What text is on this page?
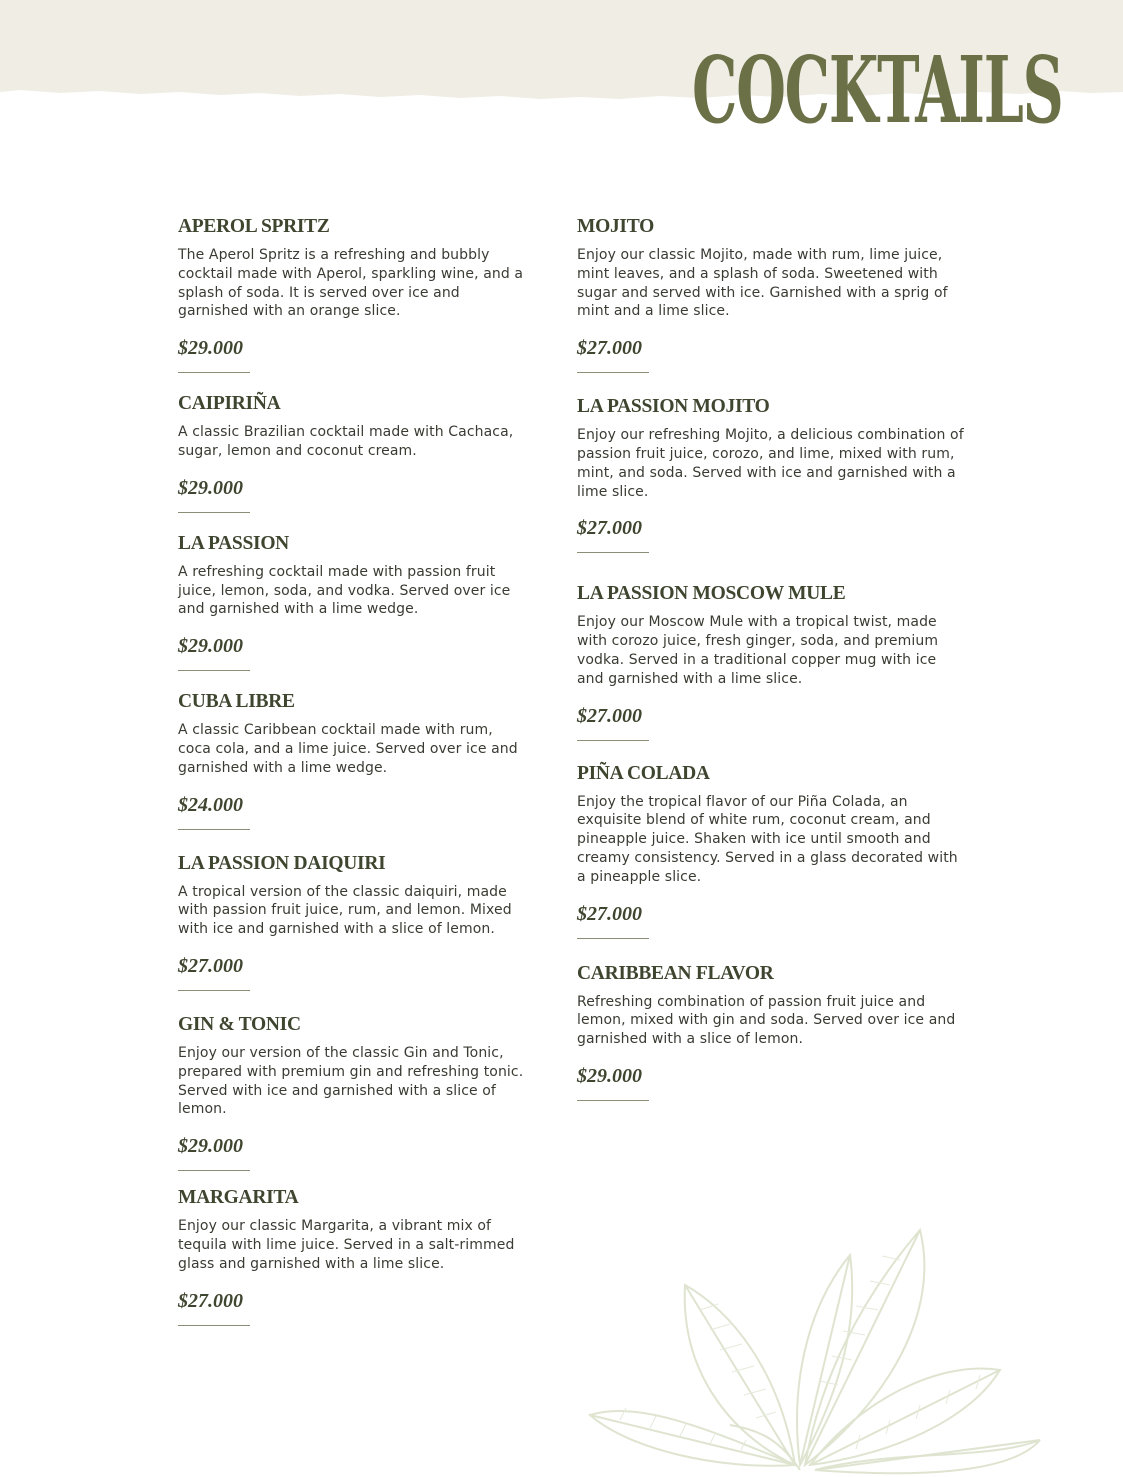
COCKTAILS
APEROL SPRITZ

The Aperol Spritz is a refreshing and bubbly cocktail made with Aperol, sparkling wine, and a splash of soda. It is served over ice and garnished with an orange slice.

$29.000
CAIPIRIÑA

A classic Brazilian cocktail made with Cachaca, sugar, lemon and coconut cream.

$29.000
LA PASSION

A refreshing cocktail made with passion fruit juice, lemon, soda, and vodka. Served over ice and garnished with a lime wedge.

$29.000
CUBA LIBRE

A classic Caribbean cocktail made with rum, coca cola, and a lime juice. Served over ice and garnished with a lime wedge.

$24.000
LA PASSION DAIQUIRI

A tropical version of the classic daiquiri, made with passion fruit juice, rum, and lemon. Mixed with ice and garnished with a slice of lemon.

$27.000
GIN & TONIC

Enjoy our version of the classic Gin and Tonic, prepared with premium gin and refreshing tonic. Served with ice and garnished with a slice of lemon.

$29.000
MARGARITA

Enjoy our classic Margarita, a vibrant mix of tequila with lime juice. Served in a salt-rimmed glass and garnished with a lime slice.

$27.000
MOJITO

Enjoy our classic Mojito, made with rum, lime juice, mint leaves, and a splash of soda. Sweetened with sugar and served with ice. Garnished with a sprig of mint and a lime slice.

$27.000
LA PASSION MOJITO

Enjoy our refreshing Mojito, a delicious combination of passion fruit juice, corozo, and lime, mixed with rum, mint, and soda. Served with ice and garnished with a lime slice.

$27.000
LA PASSION MOSCOW MULE

Enjoy our Moscow Mule with a tropical twist, made with corozo juice, fresh ginger, soda, and premium vodka. Served in a traditional copper mug with ice and garnished with a lime slice.

$27.000
PIÑA COLADA

Enjoy the tropical flavor of our Piña Colada, an exquisite blend of white rum, coconut cream, and pineapple juice. Shaken with ice until smooth and creamy consistency. Served in a glass decorated with a pineapple slice.

$27.000
CARIBBEAN FLAVOR

Refreshing combination of passion fruit juice and lemon, mixed with gin and soda. Served over ice and garnished with a slice of lemon.

$29.000
